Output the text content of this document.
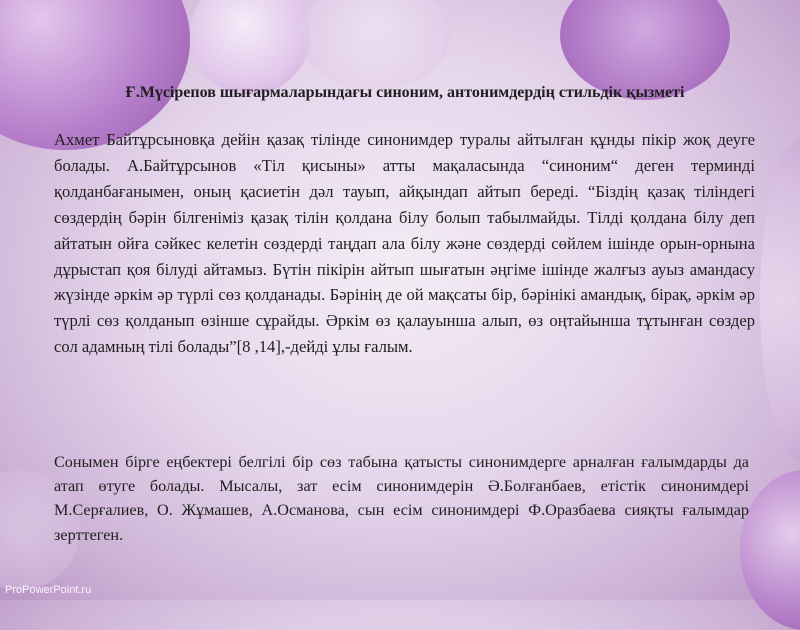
Ғ.Мүсірепов шығармаларындағы синоним, антонимдердің стильдік қызметі

Ахмет Байтұрсыновқа дейін қазақ тілінде синонимдер туралы айтылған құнды пікір жоқ деуге болады. А.Байтұрсынов «Тіл қисыны» атты мақаласында “синоним“ деген терминді қолданбағанымен, оның қасиетін дәл тауып, айқындап айтып береді. “Біздің қазақ тіліндегі сөздердің бәрін білгеніміз қазақ тілін қолдана білу болып табылмайды. Тілді қолдана білу деп айтатын ойға сәйкес келетін сөздерді таңдап ала білу және сөздерді сөйлем ішінде орын-орнына дұрыстап қоя білуді айтамыз. Бүтін пікірін айтып шығатын әңгіме ішінде жалғыз ауыз амандасу жүзінде әркім әр түрлі сөз қолданады. Бәрінің де ой мақсаты бір, бәрінікі амандық, бірақ, әркім әр түрлі сөз қолданып өзінше сұрайды. Әркім өз қалауынша алып, өз оңтайынша тұтынған сөздер сол адамның тілі болады”[8 ,14],-дейді ұлы ғалым.

Сонымен бірге еңбектері белгілі бір сөз табына қатысты синонимдерге арналған ғалымдарды да атап өтуге болады. Мысалы, зат есім синонимдерін Ә.Болғанбаев, етістік синонимдері М.Серғалиев, О. Жұмашев, А.Османова, сын есім синонимдері Ф.Оразбаева сияқты ғалымдар зерттеген.

ProPowerPoint.ru
